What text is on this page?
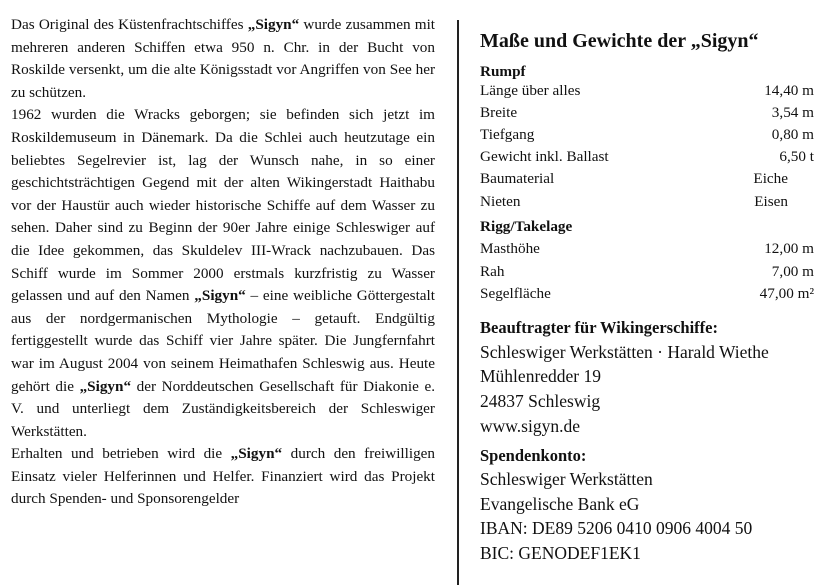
Das Original des Küstenfrachtschiffes „Sigyn“ wurde zusammen mit mehreren anderen Schiffen etwa 950 n. Chr. in der Bucht von Roskilde versenkt, um die alte Königsstadt vor Angriffen von See her zu schützen.

1962 wurden die Wracks geborgen; sie befinden sich jetzt im Roskildemuseum in Dänemark. Da die Schlei auch heutzutage ein beliebtes Segelrevier ist, lag der Wunsch nahe, in so einer geschichtsträchtigen Gegend mit der alten Wikingerstadt Haithabu vor der Haustür auch wieder historische Schiffe auf dem Wasser zu sehen. Daher sind zu Beginn der 90er Jahre einige Schleswiger auf die Idee gekommen, das Skuldelev III-Wrack nachzubauen. Das Schiff wurde im Sommer 2000 erstmals kurzfristig zu Wasser gelassen und auf den Namen „Sigyn“ – eine weibliche Göttergestalt aus der nordgermanischen Mythologie – getauft. Endgültig fertiggestellt wurde das Schiff vier Jahre später. Die Jungfernfahrt war im August 2004 von seinem Heimathafen Schleswig aus. Heute gehört die „Sigyn“ der Norddeutschen Gesellschaft für Diakonie e. V. und unterliegt dem Zuständigkeitsbereich der Schleswiger Werkstätten.

Erhalten und betrieben wird die „Sigyn“ durch den freiwilligen Einsatz vieler Helferinnen und Helfer. Finanziert wird das Projekt durch Spenden- und Sponsorengelder

Maße und Gewichte der „Sigyn“
Rumpf
Länge über alles	14,40 m
Breite	3,54 m
Tiefgang	0,80 m
Gewicht inkl. Ballast	6,50 t
Baumaterial	Eiche
Nieten	Eisen
Rigg/Takelage
Masthöhe	12,00 m
Rah	7,00 m
Segelfläche	47,00 m²
Beauftragter für Wikingerschiffe:
Schleswiger Werkstätten · Harald Wiethe
Mühlenredder 19
24837 Schleswig
www.sigyn.de
Spendenkonto:
Schleswiger Werkstätten
Evangelische Bank eG
IBAN: DE89 5206 0410 0906 4004 50
BIC: GENODEF1EK1
